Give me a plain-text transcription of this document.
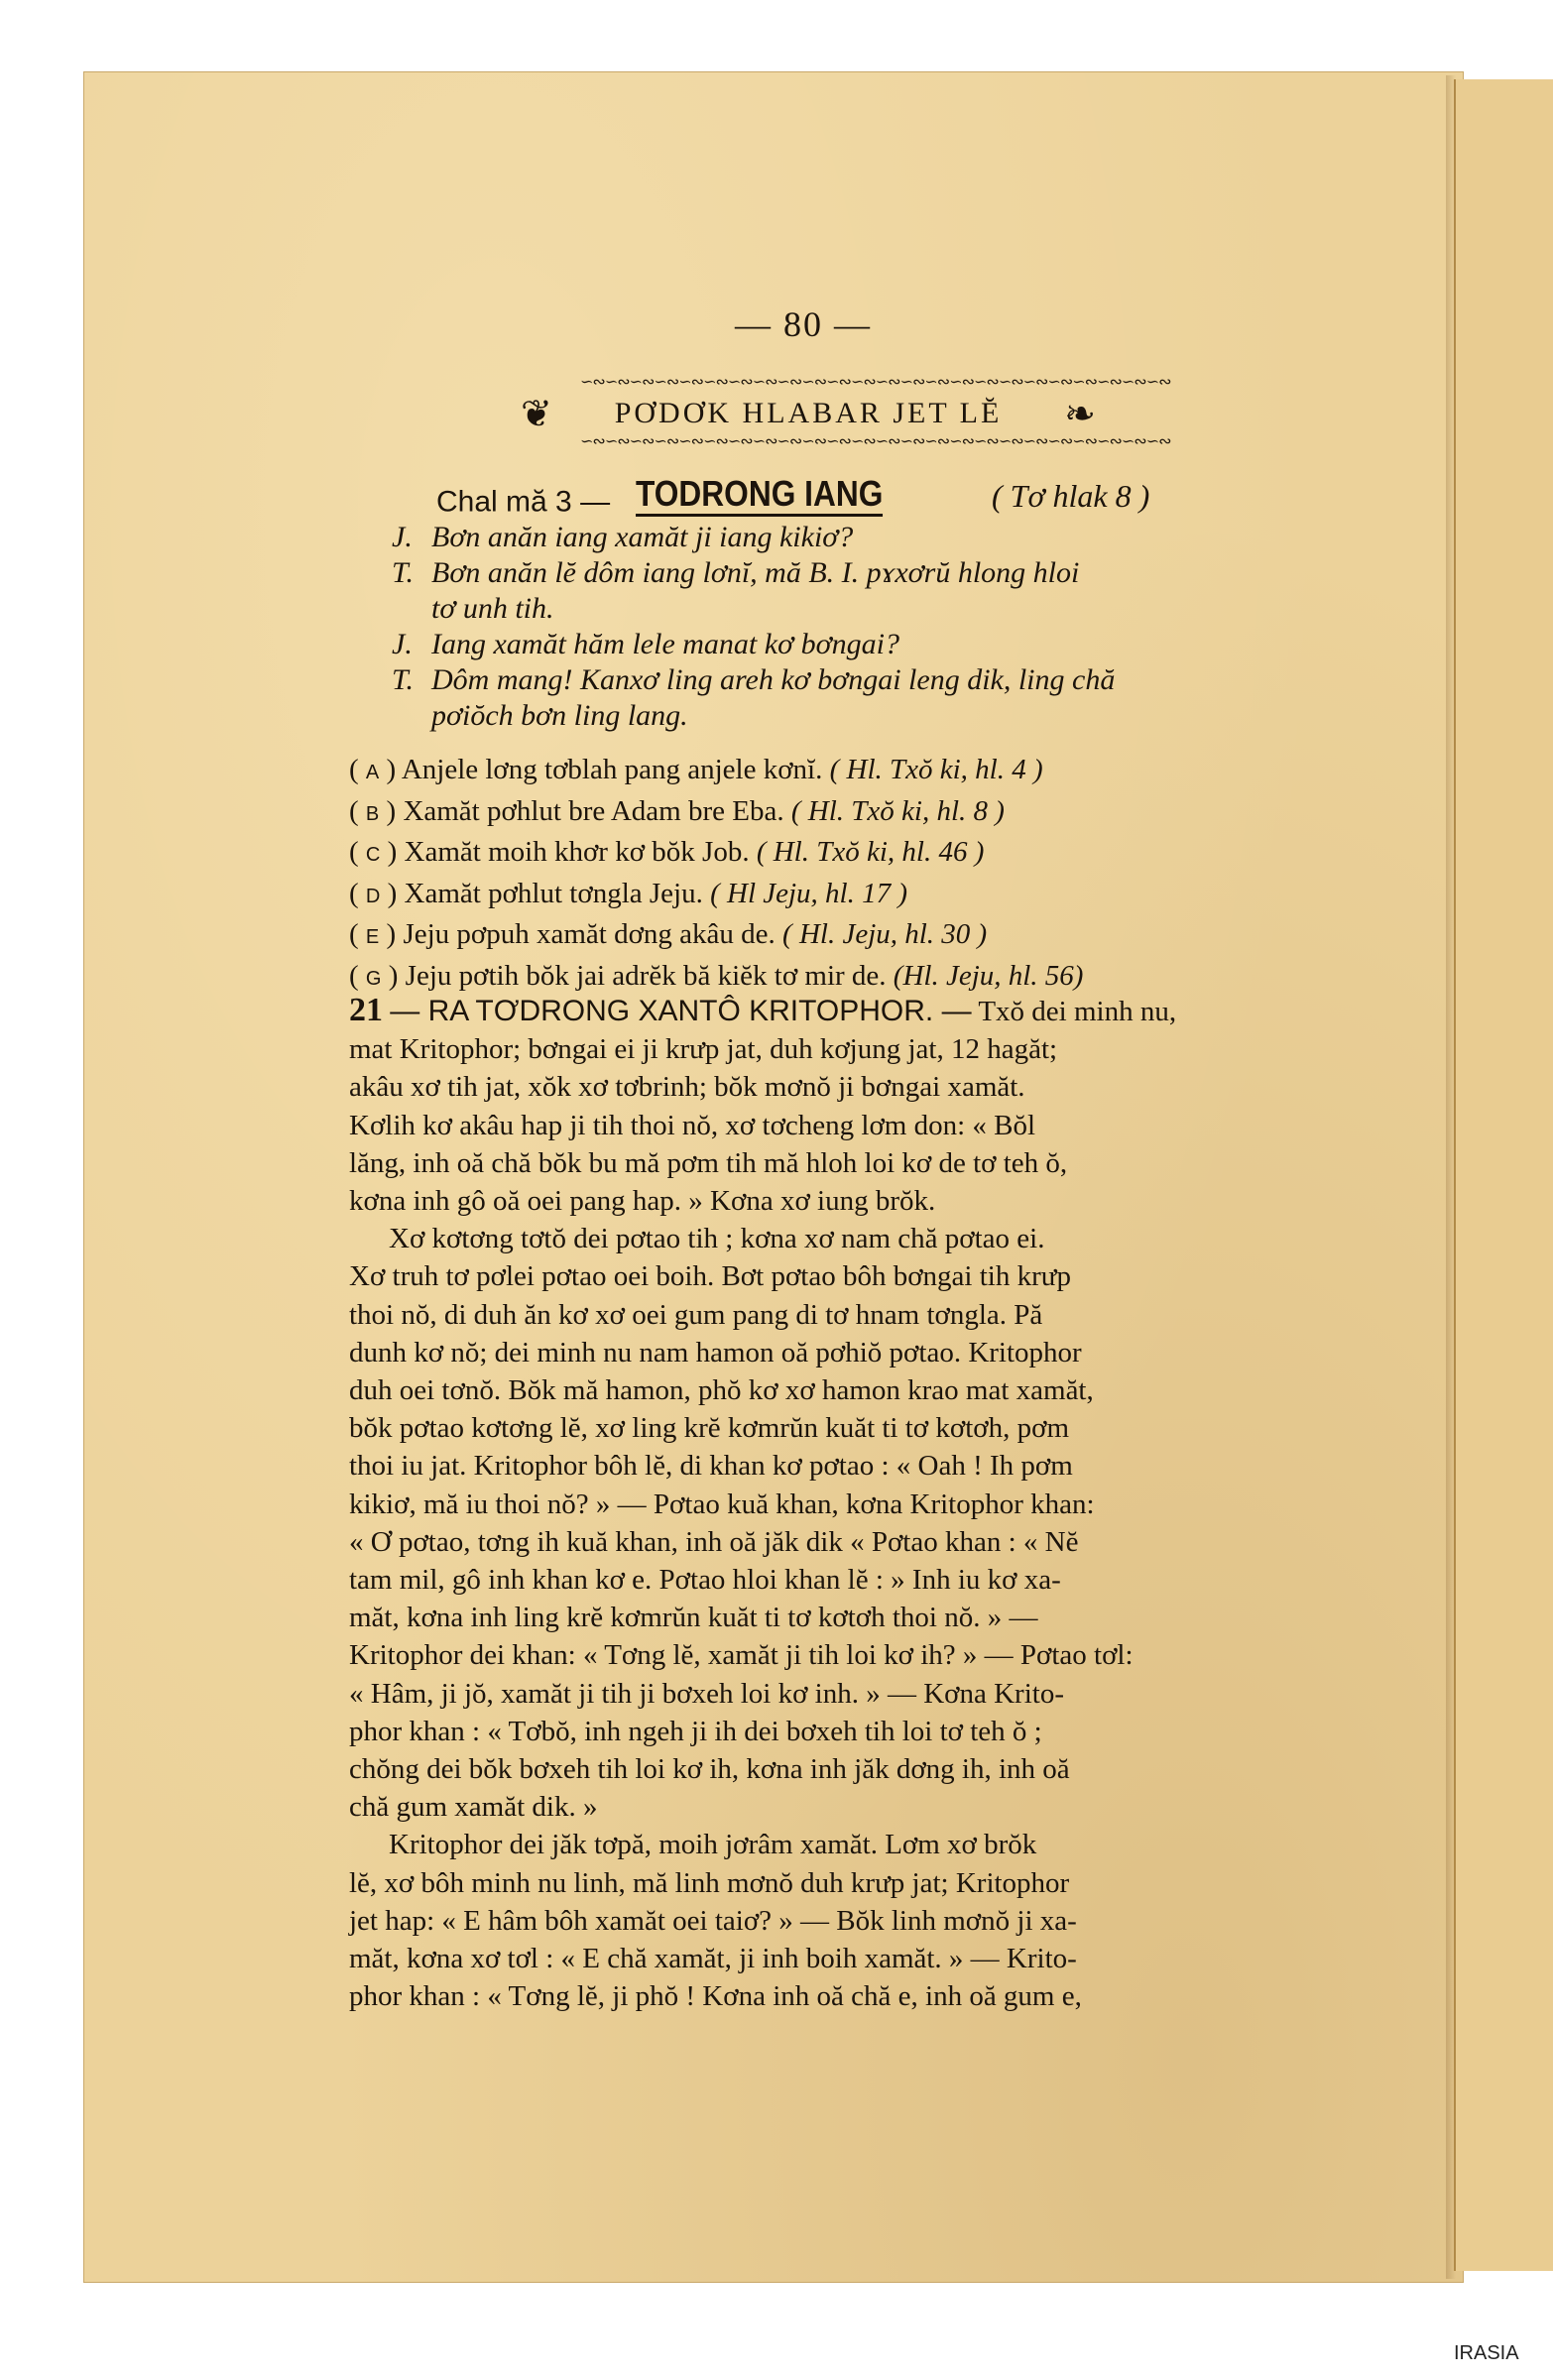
— 80 —
∽∾∽∾∽∾∽∾∽∾∽∾∽∾∽∾∽∾∽∾∽∾∽∾∽∾∽∾∽∾∽∾∽∾∽∾∽∾∽∾∽∾∽∾∽∾∽∾
❦	PƠDƠK HLABAR JET LĔ	❧
∽∾∽∾∽∾∽∾∽∾∽∾∽∾∽∾∽∾∽∾∽∾∽∾∽∾∽∾∽∾∽∾∽∾∽∾∽∾∽∾∽∾∽∾∽∾∽∾
Chal mă 3 — TODRONG IANG	( Tơ hlak 8 )
J. Bơn anăn iang xamăt ji iang kikiơ?
T. Bơn anăn lĕ dôm iang lơnĭ, mă B. I. pɤxơrŭ hlong hloi
tơ unh tih.
J. Iang xamăt hăm lele manat kơ bơngai?
T. Dôm mang! Kanxơ ling areh kơ bơngai leng dik, ling chă
pơiŏch bơn ling lang.
( A ) Anjele lơng tơblah pang anjele kơnĭ. ( Hl. Txŏ ki, hl. 4 )
( B ) Xamăt pơhlut bre Adam bre Eba. ( Hl. Txŏ ki, hl. 8 )
( C ) Xamăt moih khơr kơ bŏk Job. ( Hl. Txŏ ki, hl. 46 )
( D ) Xamăt pơhlut tơngla Jeju. ( Hl Jeju, hl. 17 )
( E ) Jeju pơpuh xamăt dơng akâu de. ( Hl. Jeju, hl. 30 )
( G ) Jeju pơtih bŏk jai adrĕk bă kiĕk tơ mir de. (Hl. Jeju, hl. 56)
21 — RA TƠDRONG XANTÔ KRITOPHOR. — Txŏ dei minh nu,
mat Kritophor; bơngai ei ji krưp jat, duh kơjung jat, 12 hagăt;
akâu xơ tih jat, xŏk xơ tơbrinh; bŏk mơnŏ ji bơngai xamăt.
Kơlih kơ akâu hap ji tih thoi nŏ, xơ tơcheng lơm don: « Bŏl
lăng, inh oă chă bŏk bu mă pơm tih mă hloh loi kơ de tơ teh ŏ,
kơna inh gô oă oei pang hap. » Kơna xơ iung brŏk.
Xơ kơtơng tơtŏ dei pơtao tih ; kơna xơ nam chă pơtao ei.
Xơ truh tơ pơlei pơtao oei boih. Bơt pơtao bôh bơngai tih krưp
thoi nŏ, di duh ăn kơ xơ oei gum pang di tơ hnam tơngla. Pă
dunh kơ nŏ; dei minh nu nam hamon oă pơhiŏ pơtao. Kritophor
duh oei tơnŏ. Bŏk mă hamon, phŏ kơ xơ hamon krao mat xamăt,
bŏk pơtao kơtơng lĕ, xơ ling krĕ kơmrŭn kuăt ti tơ kơtơh, pơm
thoi iu jat. Kritophor bôh lĕ, di khan kơ pơtao : « Oah ! Ih pơm
kikiơ, mă iu thoi nŏ? » — Pơtao kuă khan, kơna Kritophor khan:
« Ơ pơtao, tơng ih kuă khan, inh oă jăk dik « Pơtao khan : « Nĕ
tam mil, gô inh khan kơ e. Pơtao hloi khan lĕ : » Inh iu kơ xa-
măt, kơna inh ling krĕ kơmrŭn kuăt ti tơ kơtơh thoi nŏ. » —
Kritophor dei khan: « Tơng lĕ, xamăt ji tih loi kơ ih? » — Pơtao tơl:
« Hâm, ji jŏ, xamăt ji tih ji bơxeh loi kơ inh. » — Kơna Krito-
phor khan : « Tơbŏ, inh ngeh ji ih dei bơxeh tih loi tơ teh ŏ ;
chŏng dei bŏk bơxeh tih loi kơ ih, kơna inh jăk dơng ih, inh oă
chă gum xamăt dik. »
Kritophor dei jăk tơpă, moih jơrâm xamăt. Lơm xơ brŏk
lĕ, xơ bôh minh nu linh, mă linh mơnŏ duh krưp jat; Kritophor
jet hap: « E hâm bôh xamăt oei taiơ? » — Bŏk linh mơnŏ ji xa-
măt, kơna xơ tơl : « E chă xamăt, ji inh boih xamăt. » — Krito-
phor khan : « Tơng lĕ, ji phŏ ! Kơna inh oă chă e, inh oă gum e,
IRASIA
